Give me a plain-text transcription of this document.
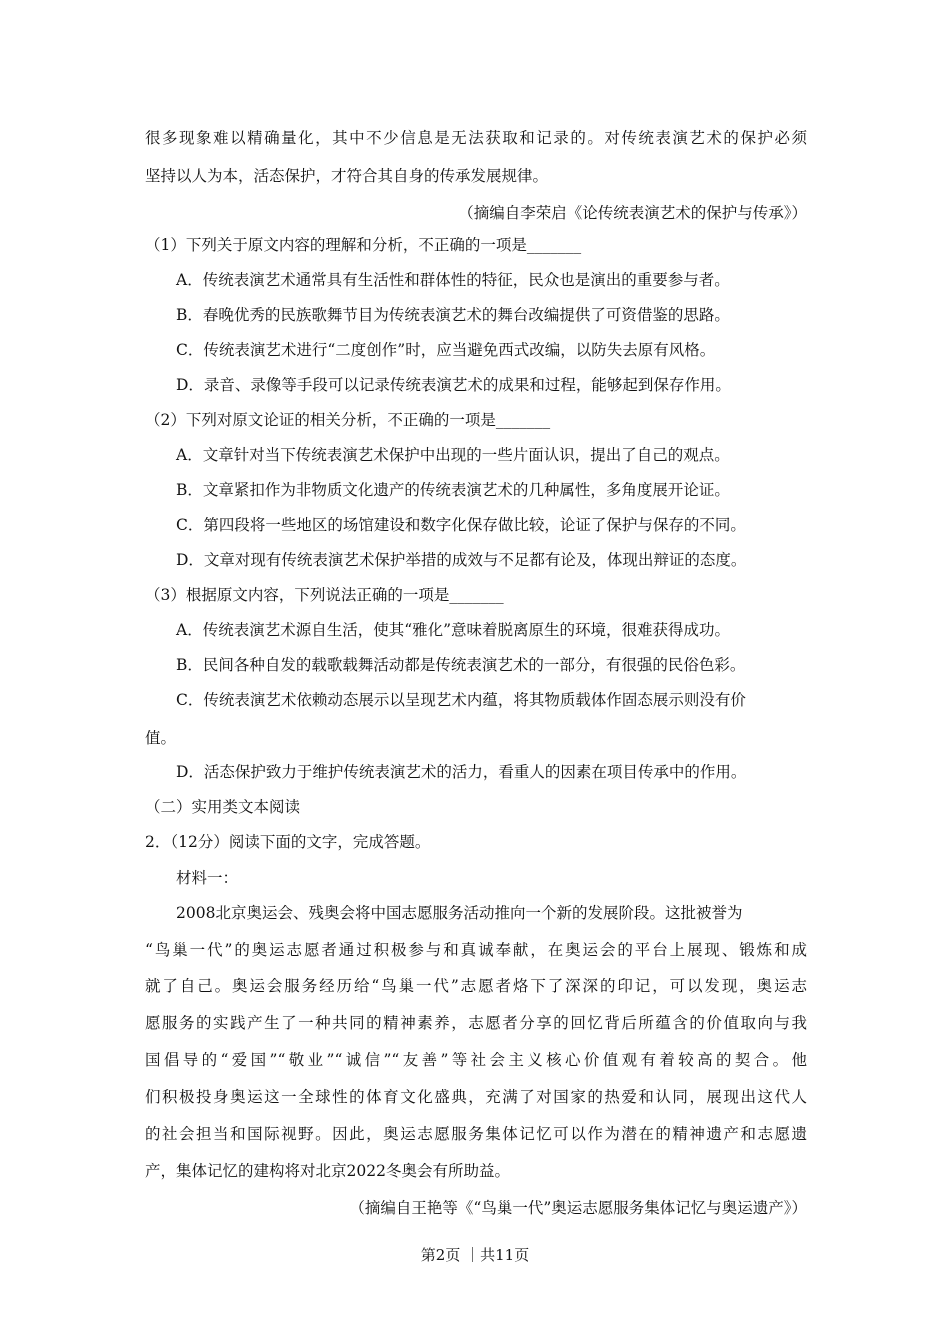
很多现象难以精确量化，其中不少信息是无法获取和记录的。对传统表演艺术的保护必须
坚持以人为本，活态保护，才符合其自身的传承发展规律。
（摘编自李荣启《论传统表演艺术的保护与传承》）
（1）下列关于原文内容的理解和分析，不正确的一项是_______
A．传统表演艺术通常具有生活性和群体性的特征，民众也是演出的重要参与者。
B．春晚优秀的民族歌舞节目为传统表演艺术的舞台改编提供了可资借鉴的思路。
C．传统表演艺术进行“二度创作”时，应当避免西式改编，以防失去原有风格。
D．录音、录像等手段可以记录传统表演艺术的成果和过程，能够起到保存作用。
（2）下列对原文论证的相关分析，不正确的一项是_______
A．文章针对当下传统表演艺术保护中出现的一些片面认识，提出了自己的观点。
B．文章紧扣作为非物质文化遗产的传统表演艺术的几种属性，多角度展开论证。
C．第四段将一些地区的场馆建设和数字化保存做比较，论证了保护与保存的不同。
D．文章对现有传统表演艺术保护举措的成效与不足都有论及，体现出辩证的态度。
（3）根据原文内容，下列说法正确的一项是_______
A．传统表演艺术源自生活，使其“雅化”意味着脱离原生的环境，很难获得成功。
B．民间各种自发的载歌载舞活动都是传统表演艺术的一部分，有很强的民俗色彩。
C．传统表演艺术依赖动态展示以呈现艺术内蕴，将其物质载体作固态展示则没有价
值。
D．活态保护致力于维护传统表演艺术的活力，看重人的因素在项目传承中的作用。
（二）实用类文本阅读
2．（12分）阅读下面的文字，完成答题。
材料一：
2008北京奥运会、残奥会将中国志愿服务活动推向一个新的发展阶段。这批被誉为
“鸟巢一代”的奥运志愿者通过积极参与和真诚奉献，在奥运会的平台上展现、锻炼和成
就了自己。奥运会服务经历给“鸟巢一代”志愿者烙下了深深的印记，可以发现，奥运志
愿服务的实践产生了一种共同的精神素养，志愿者分享的回忆背后所蕴含的价值取向与我
国倡导的“爱国”“敬业”“诚信”“友善”等社会主义核心价值观有着较高的契合。他
们积极投身奥运这一全球性的体育文化盛典，充满了对国家的热爱和认同，展现出这代人
的社会担当和国际视野。因此，奥运志愿服务集体记忆可以作为潜在的精神遗产和志愿遗
产，集体记忆的建构将对北京2022冬奥会有所助益。
（摘编自王艳等《“鸟巢一代”奥运志愿服务集体记忆与奥运遗产》）
第2页 ｜共11页
